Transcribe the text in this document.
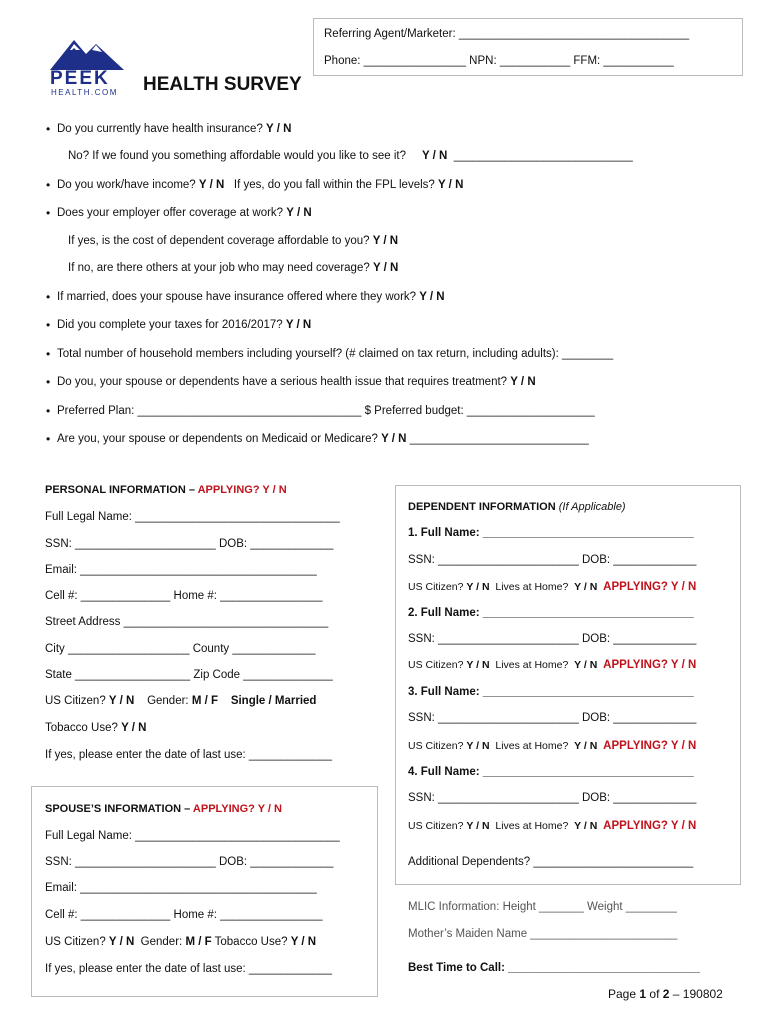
PEEK
HEALTH.COM HEALTH SURVEY
Referring Agent/Marketer: ____________________________________
Phone: ________________ NPN: ___________ FFM: ___________
• Do you currently have health insurance? Y / N
No? If we found you something affordable would you like to see it? Y / N ____________________________
• Do you work/have income? Y / N If yes, do you fall within the FPL levels? Y / N
• Does your employer offer coverage at work? Y / N
If yes, is the cost of dependent coverage affordable to you? Y / N
If no, are there others at your job who may need coverage? Y / N
• If married, does your spouse have insurance offered where they work? Y / N
• Did you complete your taxes for 2016/2017? Y / N
• Total number of household members including yourself? (# claimed on tax return, including adults): ________
• Do you, your spouse or dependents have a serious health issue that requires treatment? Y / N
• Preferred Plan: ___________________________________ $ Preferred budget: ____________________
• Are you, your spouse or dependents on Medicaid or Medicare? Y / N ____________________________
PERSONAL INFORMATION – APPLYING? Y / N
Full Legal Name: ________________________________
SSN: ______________________ DOB: _____________
Email: _____________________________________
Cell #: ______________ Home #: ________________
Street Address ________________________________
City ___________________ County _____________
State __________________ Zip Code ______________
US Citizen? Y / N Gender: M / F Single / Married
Tobacco Use? Y / N
If yes, please enter the date of last use: _____________
SPOUSE’S INFORMATION – APPLYING? Y / N
Full Legal Name: ________________________________
SSN: ______________________ DOB: _____________
Email: _____________________________________
Cell #: ______________ Home #: ________________
US Citizen? Y / N Gender: M / F Tobacco Use? Y / N
If yes, please enter the date of last use: _____________
DEPENDENT INFORMATION (If Applicable)
1. Full Name: _________________________________
SSN: ______________________ DOB: _____________
US Citizen? Y / N Lives at Home? Y / N APPLYING? Y / N
2. Full Name: _________________________________
SSN: ______________________ DOB: _____________
US Citizen? Y / N Lives at Home? Y / N APPLYING? Y / N
3. Full Name: _________________________________
SSN: ______________________ DOB: _____________
US Citizen? Y / N Lives at Home? Y / N APPLYING? Y / N
4. Full Name: _________________________________
SSN: ______________________ DOB: _____________
US Citizen? Y / N Lives at Home? Y / N APPLYING? Y / N
Additional Dependents? _________________________
MLIC Information: Height _______ Weight ________
Mother’s Maiden Name _______________________
Best Time to Call: ______________________________
Page 1 of 2 – 190802
